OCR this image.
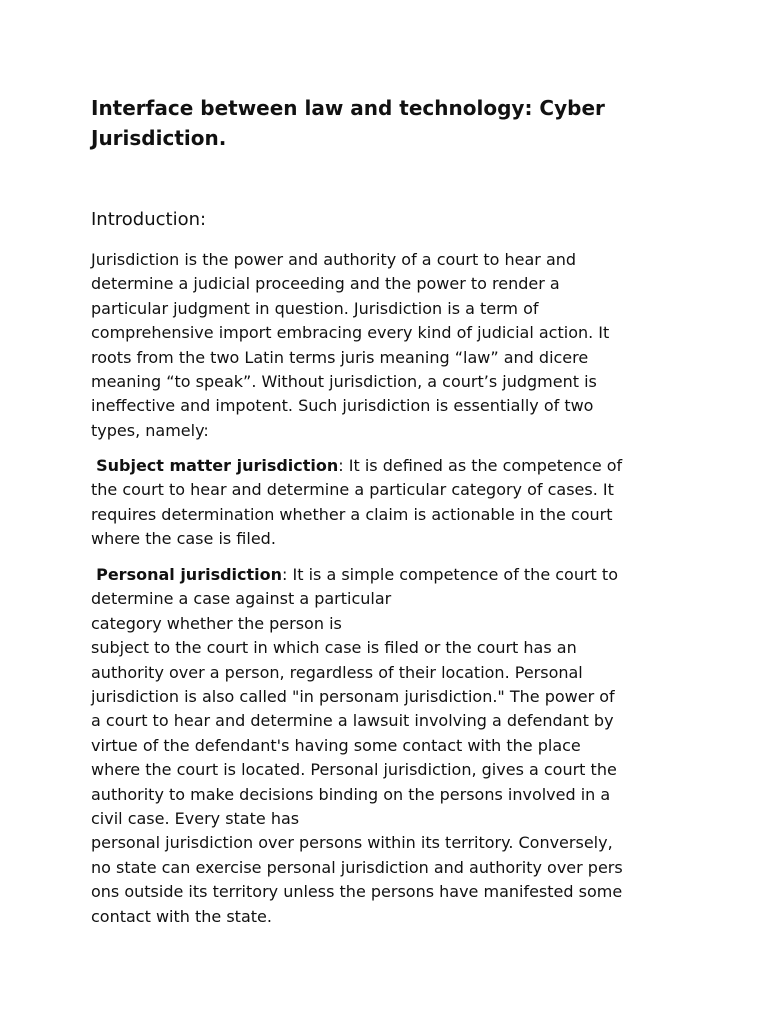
Interface between law and technology: Cyber
Jurisdiction.
Introduction:

Jurisdiction is the power and authority of a court to hear and
determine a judicial proceeding and the power to render a
particular judgment in question. Jurisdiction is a term of
comprehensive import embracing every kind of judicial action. It
roots from the two Latin terms juris meaning “law” and dicere
meaning “to speak”. Without jurisdiction, a court’s judgment is
ineffective and impotent. Such jurisdiction is essentially of two
types, namely:

Subject matter jurisdiction: It is defined as the competence of
the court to hear and determine a particular category of cases. It
requires determination whether a claim is actionable in the court
where the case is filed.

Personal jurisdiction: It is a simple competence of the court to
determine a case against a particular
category whether the person is
subject to the court in which case is filed or the court has an
authority over a person, regardless of their location. Personal
jurisdiction is also called "in personam jurisdiction." The power of
a court to hear and determine a lawsuit involving a defendant by
virtue of the defendant's having some contact with the place
where the court is located. Personal jurisdiction, gives a court the
authority to make decisions binding on the persons involved in a
civil case. Every state has
personal jurisdiction over persons within its territory. Conversely,
no state can exercise personal jurisdiction and authority over pers
ons outside its territory unless the persons have manifested some
contact with the state.
